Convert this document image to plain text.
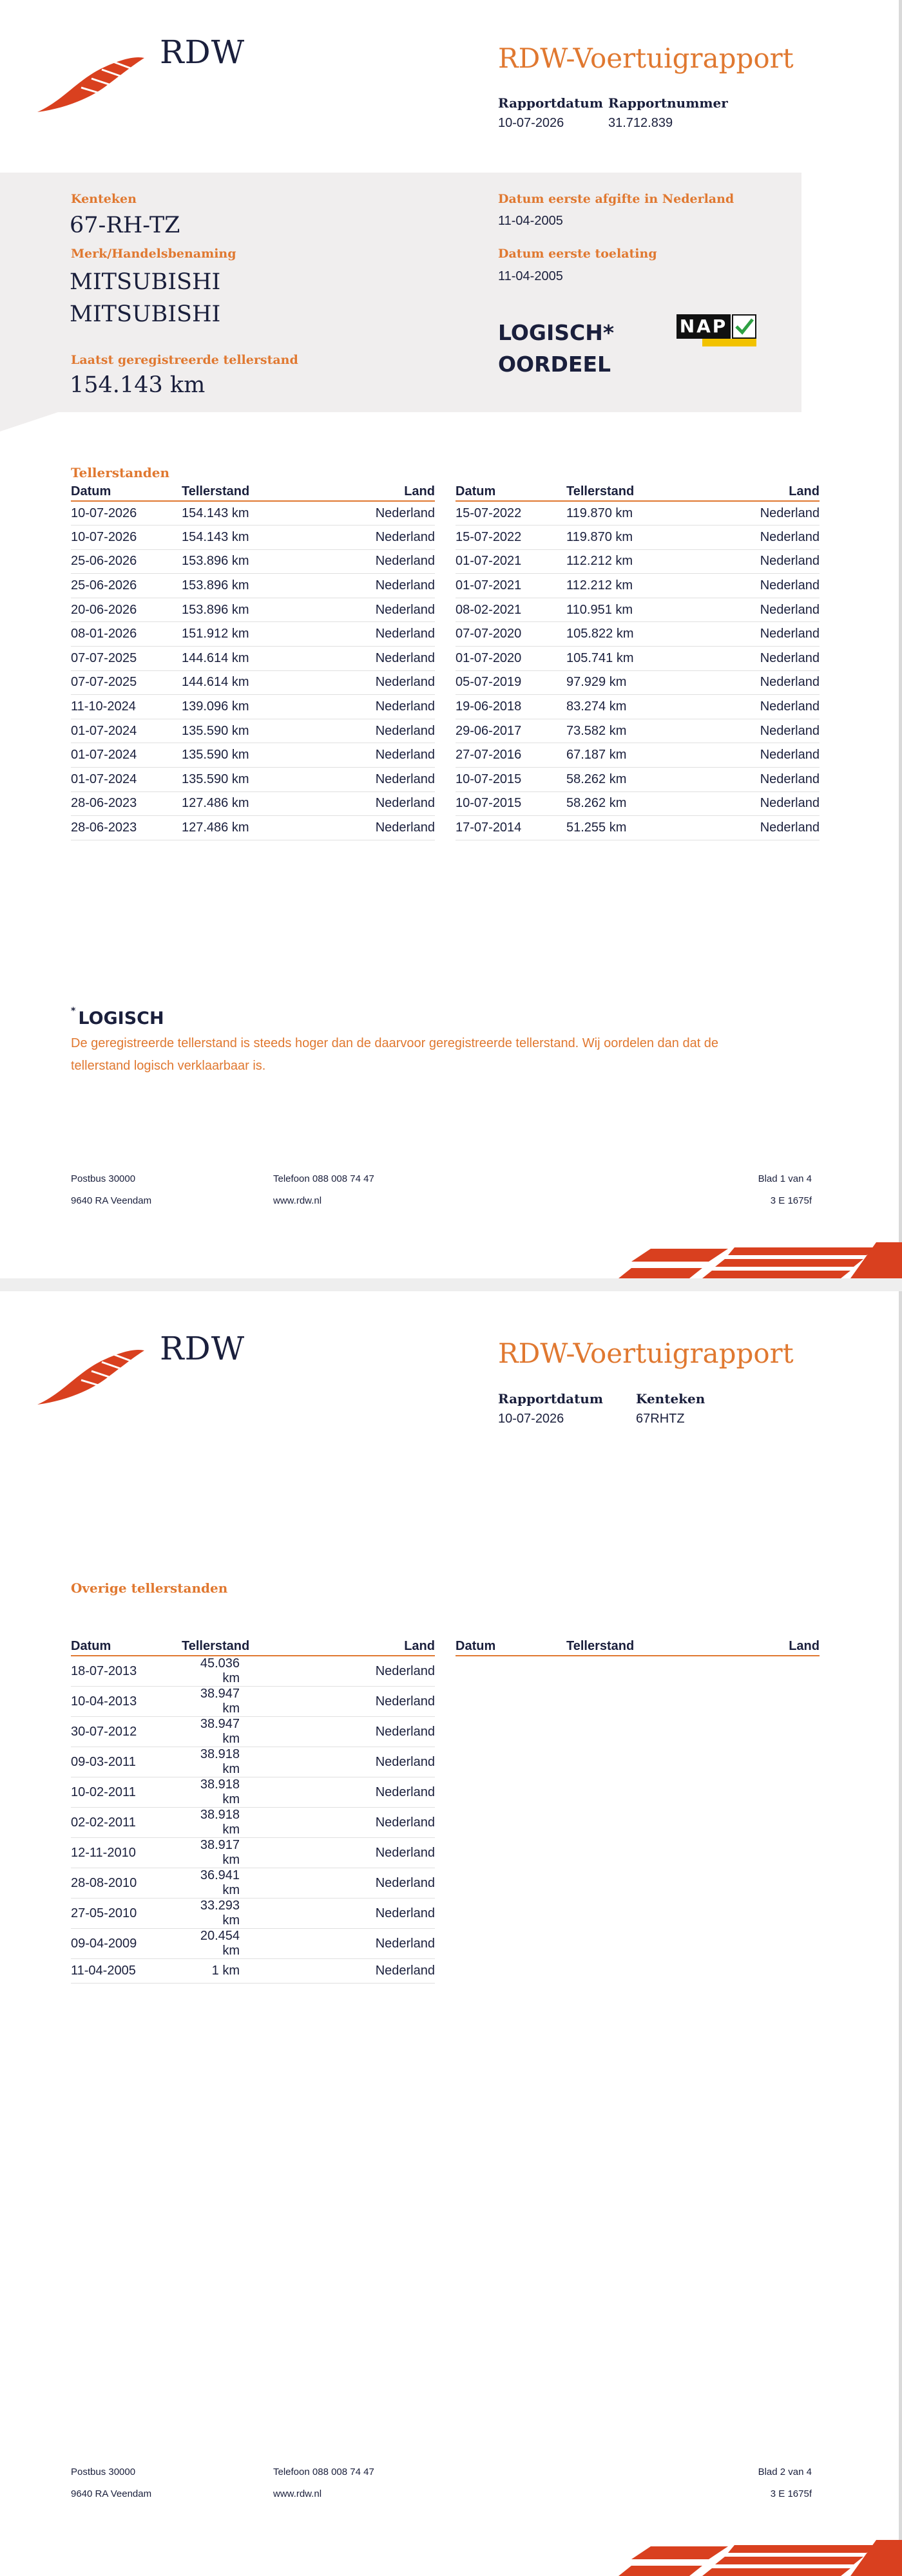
RDW	RDW-Voertuigrapport
Rapportdatum
10-07-2026
Rapportnummer
31.712.839
Kenteken
67-RH-TZ
Merk/Handelsbenaming
MITSUBISHI
MITSUBISHI
Laatst geregistreerde tellerstand
154.143 km
Datum eerste afgifte in Nederland
11-04-2005
Datum eerste toelating
11-04-2005
LOGISCH*
OORDEEL
NAP
Tellerstanden
Datum	Tellerstand	Land
10-07-2026	154.143 km	Nederland
10-07-2026	154.143 km	Nederland
25-06-2026	153.896 km	Nederland
25-06-2026	153.896 km	Nederland
20-06-2026	153.896 km	Nederland
08-01-2026	151.912 km	Nederland
07-07-2025	144.614 km	Nederland
07-07-2025	144.614 km	Nederland
11-10-2024	139.096 km	Nederland
01-07-2024	135.590 km	Nederland
01-07-2024	135.590 km	Nederland
01-07-2024	135.590 km	Nederland
28-06-2023	127.486 km	Nederland
28-06-2023	127.486 km	Nederland
Datum	Tellerstand	Land
15-07-2022	119.870 km	Nederland
15-07-2022	119.870 km	Nederland
01-07-2021	112.212 km	Nederland
01-07-2021	112.212 km	Nederland
08-02-2021	110.951 km	Nederland
07-07-2020	105.822 km	Nederland
01-07-2020	105.741 km	Nederland
05-07-2019	97.929 km	Nederland
19-06-2018	83.274 km	Nederland
29-06-2017	73.582 km	Nederland
27-07-2016	67.187 km	Nederland
10-07-2015	58.262 km	Nederland
10-07-2015	58.262 km	Nederland
17-07-2014	51.255 km	Nederland
* LOGISCH
De geregistreerde tellerstand is steeds hoger dan de daarvoor geregistreerde tellerstand. Wij oordelen dan dat de tellerstand logisch verklaarbaar is.
Postbus 30000
9640 RA Veendam
Telefoon 088 008 74 47
www.rdw.nl
Blad 1 van 4
3 E 1675f
RDW	RDW-Voertuigrapport
Rapportdatum
10-07-2026
Kenteken
67RHTZ
Overige tellerstanden
Datum	Tellerstand	Land
18-07-2013	45.036 km	Nederland
10-04-2013	38.947 km	Nederland
30-07-2012	38.947 km	Nederland
09-03-2011	38.918 km	Nederland
10-02-2011	38.918 km	Nederland
02-02-2011	38.918 km	Nederland
12-11-2010	38.917 km	Nederland
28-08-2010	36.941 km	Nederland
27-05-2010	33.293 km	Nederland
09-04-2009	20.454 km	Nederland
11-04-2005	1 km	Nederland
Datum	Tellerstand	Land
Postbus 30000
9640 RA Veendam
Telefoon 088 008 74 47
www.rdw.nl
Blad 2 van 4
3 E 1675f
